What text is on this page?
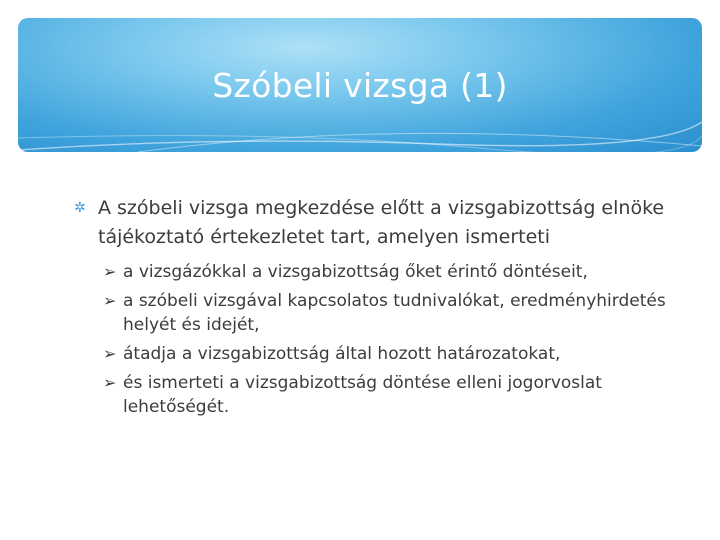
Szóbeli vizsga (1)

✲ A szóbeli vizsga megkezdése előtt a vizsgabizottság elnöke tájékoztató értekezletet tart, amelyen ismerteti

➢ a vizsgázókkal a vizsgabizottság őket érintő döntéseit,
➢ a szóbeli vizsgával kapcsolatos tudnivalókat, eredményhirdetés helyét és idejét,
➢ átadja a vizsgabizottság által hozott határozatokat,
➢ és ismerteti a vizsgabizottság döntése elleni jogorvoslat lehetőségét.
